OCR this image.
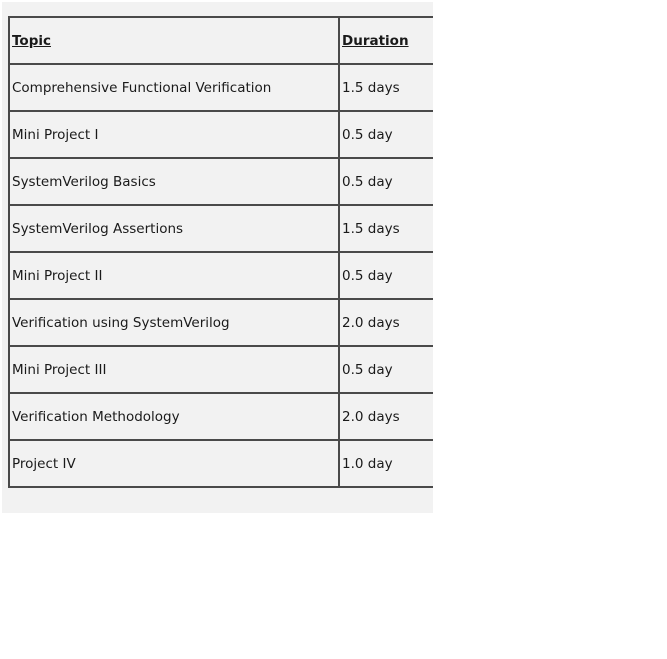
Topic	Duration
Comprehensive Functional Verification	1.5 days
Mini Project I	0.5 day
SystemVerilog Basics	0.5 day
SystemVerilog Assertions	1.5 days
Mini Project II	0.5 day
Verification using SystemVerilog	2.0 days
Mini Project III	0.5 day
Verification Methodology	2.0 days
Project IV	1.0 day
